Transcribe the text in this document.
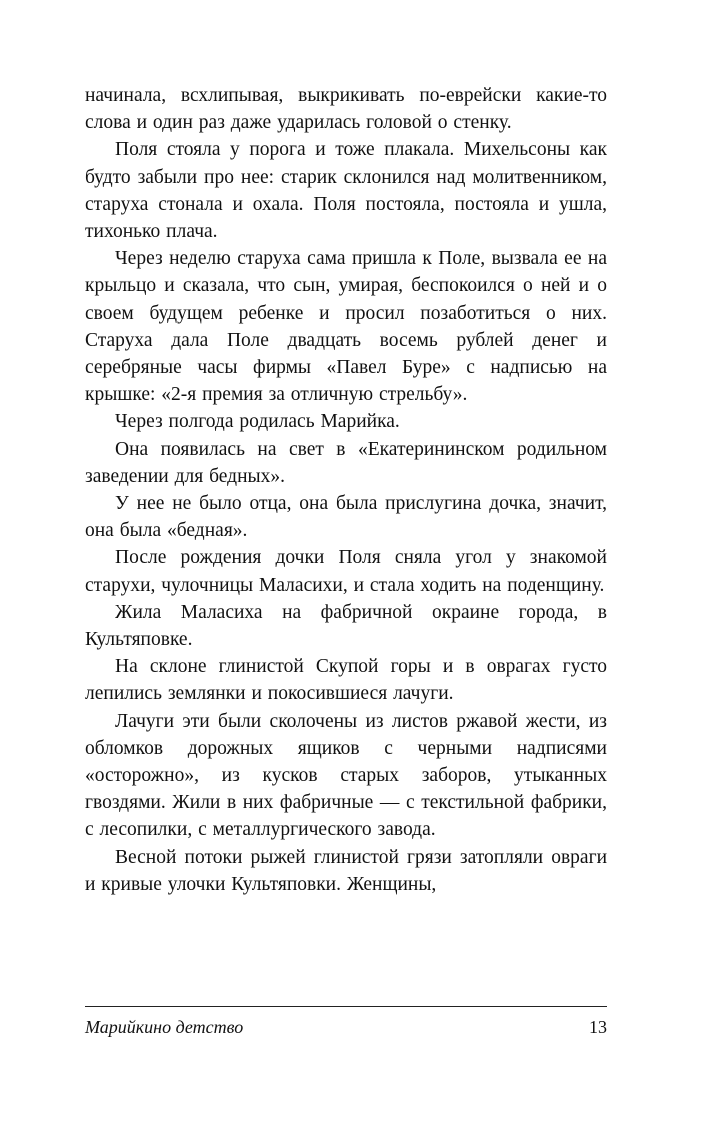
начинала, всхлипывая, выкрикивать по-еврейски какие-то слова и один раз даже ударилась головой о стенку.

Поля стояла у порога и тоже плакала. Михельсоны как будто забыли про нее: старик склонился над молитвенником, старуха стонала и охала. Поля постояла, постояла и ушла, тихонько плача.

Через неделю старуха сама пришла к Поле, вызвала ее на крыльцо и сказала, что сын, умирая, беспокоился о ней и о своем будущем ребенке и просил позаботиться о них. Старуха дала Поле двадцать восемь рублей денег и серебряные часы фирмы «Павел Буре» с надписью на крышке: «2-я премия за отличную стрельбу».

Через полгода родилась Марийка.

Она появилась на свет в «Екатерининском родильном заведении для бедных».

У нее не было отца, она была прислугина дочка, значит, она была «бедная».

После рождения дочки Поля сняла угол у знакомой старухи, чулочницы Маласихи, и стала ходить на поденщину.

Жила Маласиха на фабричной окраине города, в Культяповке.

На склоне глинистой Скупой горы и в оврагах густо лепились землянки и покосившиеся лачуги.

Лачуги эти были сколочены из листов ржавой жести, из обломков дорожных ящиков с черными надписями «осторожно», из кусков старых заборов, утыканных гвоздями. Жили в них фабричные — с текстильной фабрики, с лесопилки, с металлургического завода.

Весной потоки рыжей глинистой грязи затопляли овраги и кривые улочки Культяповки. Женщины,

Марийкино детство	13
